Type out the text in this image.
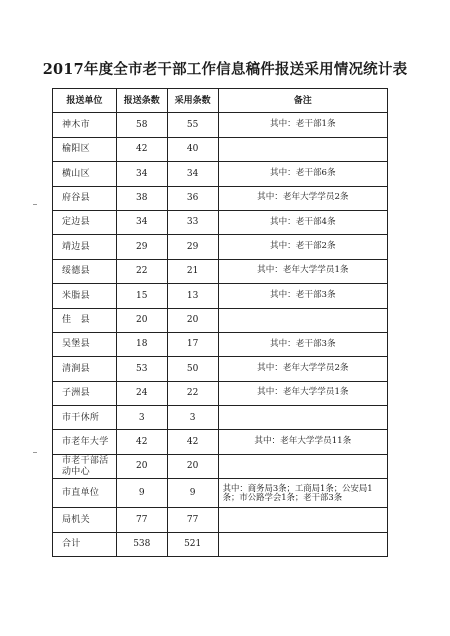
2017年度全市老干部工作信息稿件报送采用情况统计表
报送单位	报送条数	采用条数	备注
神木市	58	55	其中：老干部1条
榆阳区	42	40	
横山区	34	34	其中：老干部6条
府谷县	38	36	其中：老年大学学员2条
定边县	34	33	其中：老干部4条
靖边县	29	29	其中：老干部2条
绥德县	22	21	其中：老年大学学员1条
米脂县	15	13	其中：老干部3条
佳　县	20	20	
吴堡县	18	17	其中：老干部3条
清涧县	53	50	其中：老年大学学员2条
子洲县	24	22	其中：老年大学学员1条
市干休所	3	3	
市老年大学	42	42	其中：老年大学学员11条
市老干部活动中心	20	20	
市直单位	9	9	其中：商务局3条；工商局1条；公安局1条；市公路学会1条；老干部3条
局机关	77	77	
合计	538	521	
